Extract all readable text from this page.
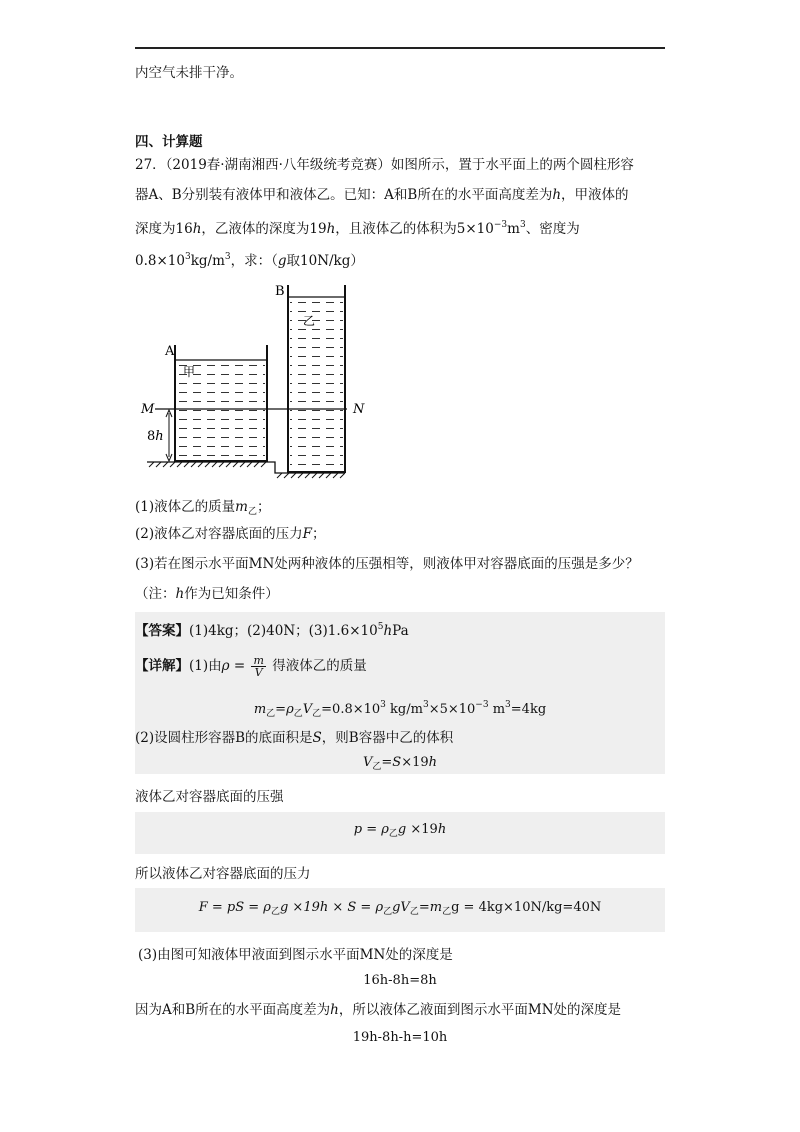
内空气未排干净。
四、计算题
27．（2019春·湖南湘西·八年级统考竞赛）如图所示，置于水平面上的两个圆柱形容
器A、B分别装有液体甲和液体乙。已知：A和B所在的水平面高度差为h，甲液体的
深度为16h，乙液体的深度为19h，且液体乙的体积为$5\times 10^{-3}m^3$、密度为
$0.8\times 10^3kg/m^3$，求：（g取10N/kg）
A
B
甲
乙
M	N
8h
(1)液体乙的质量$m_乙$；
(2)液体乙对容器底面的压力F；
(3)若在图示水平面MN处两种液体的压强相等，则液体甲对容器底面的压强是多少？
（注：h作为已知条件）
【答案】(1)4kg；(2)40N；$(3)1.6\times 10^5hPa$
【详解】(1)由$\rho = \frac{m}{V}$ 得液体乙的质量
$m_乙=\rho_乙V_乙=0.8\times 10^3$ $kg/m^3\times 5\times 10^{-3}$ $m^3=4kg$
(2)设圆柱形容器B的底面积是S，则B容器中乙的体积
$V_乙=S\times 19h$
液体乙对容器底面的压强
$p = \rho_乙g \times 19h$
所以液体乙对容器底面的压力
F = pS = $\rho_乙g \times 19h \times S = \rho_乙gV_乙=m_乙g = 4kg\times 10N/kg=40N$
(3)由图可知液体甲液面到图示水平面MN处的深度是
16h-8h=8h
因为A和B所在的水平面高度差为h，所以液体乙液面到图示水平面MN处的深度是
19h-8h-h=10h
